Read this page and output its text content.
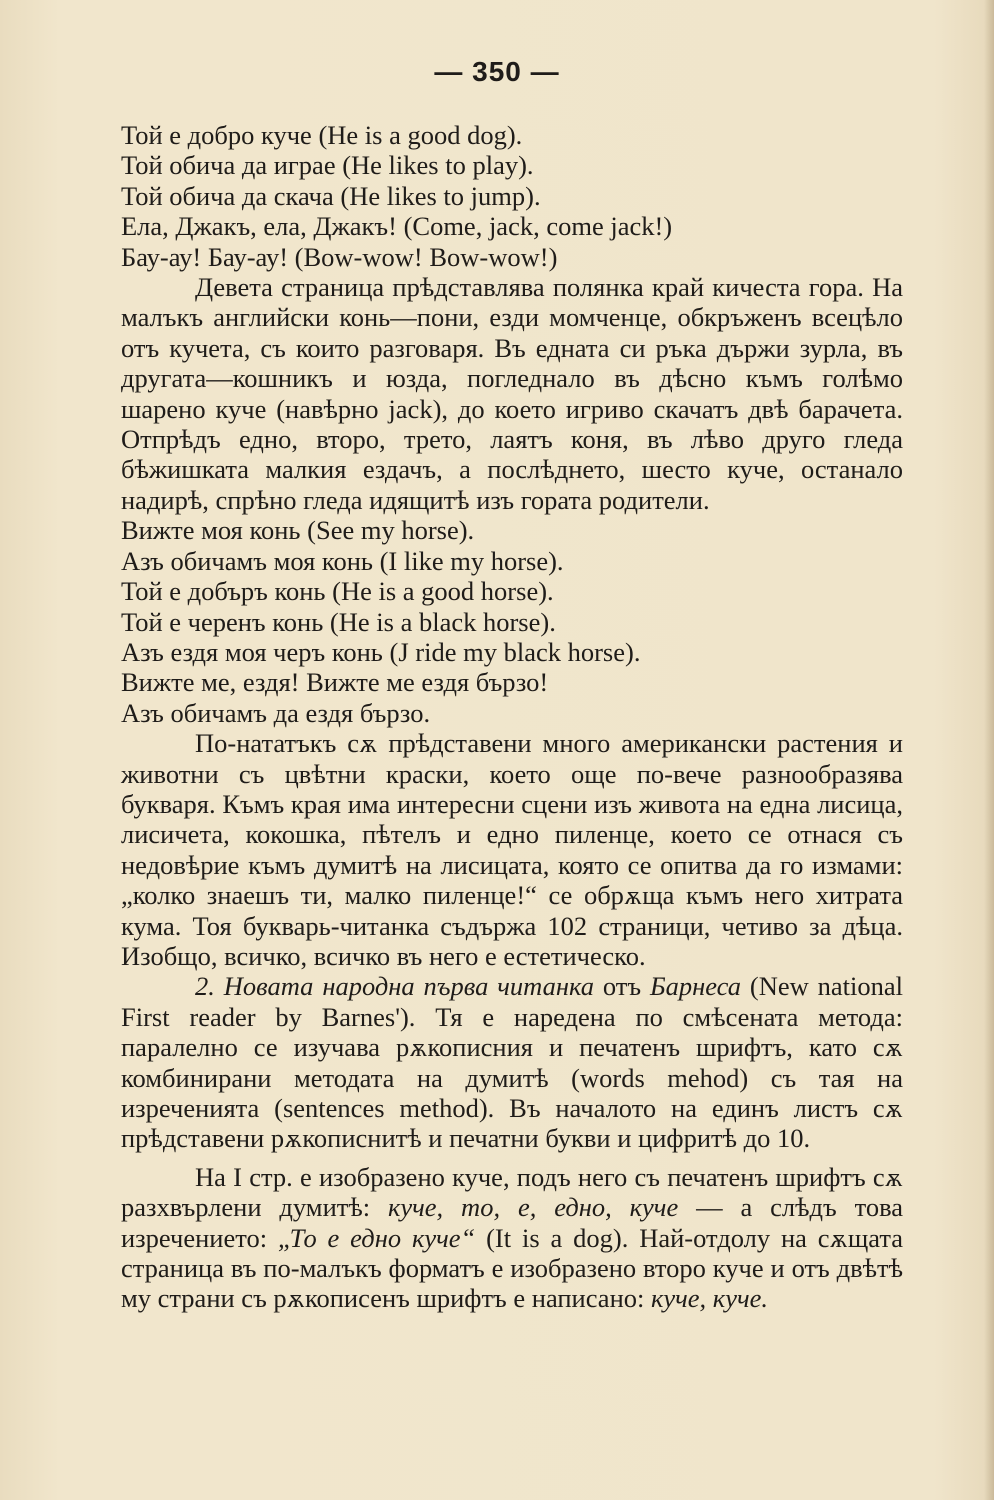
— 350 —

Той е добро куче (He is a good dog).

Той обича да играе (He likes to play).

Той обича да скача (He likes to jump).

Ела, Джакъ, ела, Джакъ! (Come, jack, come jack!)

Бау-ау! Бау-ау! (Bow-wow! Bow-wow!)

Девета страница прѣдставлява полянка край кичеста гора. На малъкъ английски конь—пони, езди момченце, обкръженъ всецѣло отъ кучета, съ които разговаря. Въ едната си ръка държи зурла, въ другата—кошникъ и юзда, погледнало въ дѣсно къмъ голѣмо шарено куче (навѣрно jack), до което игриво скачатъ двѣ барачета. Отпрѣдъ едно, второ, трето, лаятъ коня, въ лѣво друго гледа бѣжишката малкия ездачъ, а послѣднето, шесто куче, останало надирѣ, спрѣно гледа идящитѣ изъ гората родители.

Вижте моя конь (See my horse).

Азъ обичамъ моя конь (I like my horse).

Той е добъръ конь (He is a good horse).

Той е черенъ конь (He is a black horse).

Азъ ездя моя черъ конь (J ride my black horse).

Вижте ме, ездя! Вижте ме ездя бързо!

Азъ обичамъ да ездя бързо.

По-нататъкъ сѫ прѣдставени много американски растения и животни съ цвѣтни краски, което още по-вече разнообразява букваря. Къмъ края има интересни сцени изъ живота на една лисица, лисичета, кокошка, пѣтелъ и едно пиленце, което се отнася съ недовѣрие къмъ думитѣ на лисицата, която се опитва да го измами: „колко знаешъ ти, малко пиленце!“ се обрѫща къмъ него хитрата кума. Тоя букварь-читанка съдържа 102 страници, четиво за дѣца. Изобщо, всичко, всичко въ него е естетическо.

2. Новата народна първа читанка отъ Барнеса (New national First reader by Barnes'). Тя е наредена по смѣсената метода: паралелно се изучава рѫкописния и печатенъ шрифтъ, като сѫ комбинирани методата на думитѣ (words mehod) съ тая на изреченията (sentences method). Въ началото на единъ листъ сѫ прѣдставени рѫкописнитѣ и печатни букви и цифритѣ до 10.

На I стр. е изобразено куче, подъ него съ печатенъ шрифтъ сѫ разхвърлени думитѣ: куче, то, е, едно, куче — а слѣдъ това изречението: „То е едно куче“ (It is a dog). Най-отдолу на сѫщата страница въ по-малъкъ форматъ е изобразено второ куче и отъ двѣтѣ му страни съ рѫкописенъ шрифтъ е написано: куче, куче.
